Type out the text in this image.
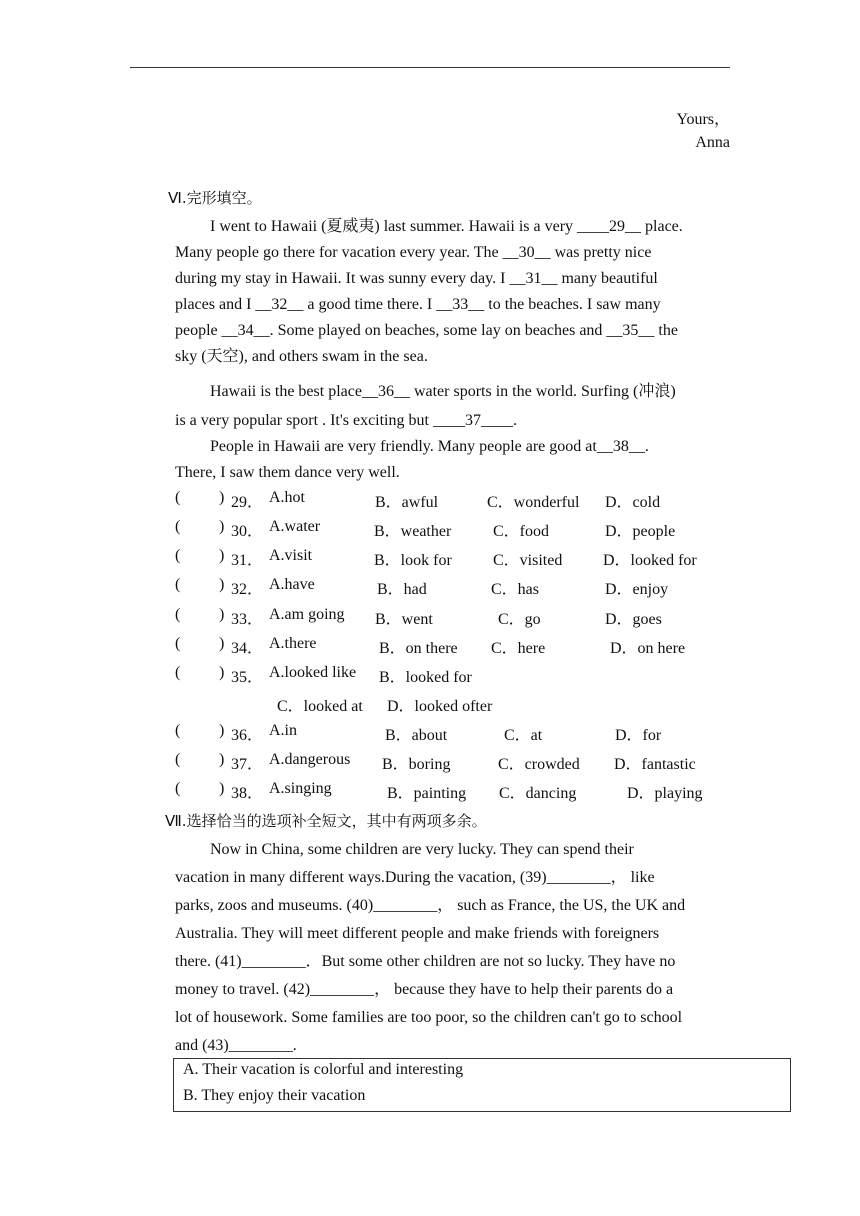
Yours，
Anna
Ⅵ.完形填空。

I went to Hawaii (夏威夷) last summer. Hawaii is a very ____29__ place.

Many people go there for vacation every year. The __30__ was pretty nice

during my stay in Hawaii. It was sunny every day. I __31__ many beautiful

places and I __32__ a good time there. I __33__ to the beaches. I saw many

people __34__. Some played on beaches, some lay on beaches and __35__ the

sky (天空), and others swam in the sea.

Hawaii is the best place__36__ water sports in the world. Surfing (冲浪)

is a very popular sport . It's exciting but ____37____.

People in Hawaii are very friendly. Many people are good at__38__.

There, I saw them dance very well.

( ) 29． A.hot	B．awful	C．wonderful D．cold
( ) 30． A.water	B．weather	C．food	D．people
( ) 31． A.visit	B．look for	C．visited	D．looked for
( ) 32． A.have	B．had	C．has	D．enjoy
( ) 33． A.am going B．went	C．go	D．goes
( ) 34． A.there	B．on there C．here	D．on here
( ) 35． A.looked like B．looked for
C．looked at D．looked ofter
( ) 36． A.in	B．about	C．at	D．for
( ) 37． A.dangerous B．boring	C．crowded D．fantastic
( ) 38． A.singing	B．painting C．dancing	D．playing
Ⅶ.选择恰当的选项补全短文，其中有两项多余。

Now in China, some children are very lucky. They can spend their

vacation in many different ways.During the vacation, (39)________， like

parks, zoos and museums. (40)________， such as France, the US, the UK and

Australia. They will meet different people and make friends with foreigners

there. (41)________．But some other children are not so lucky. They have no

money to travel. (42)________， because they have to help their parents do a

lot of housework. Some families are too poor, so the children can't go to school

and (43)________.

A. Their vacation is colorful and interesting
B. They enjoy their vacation
